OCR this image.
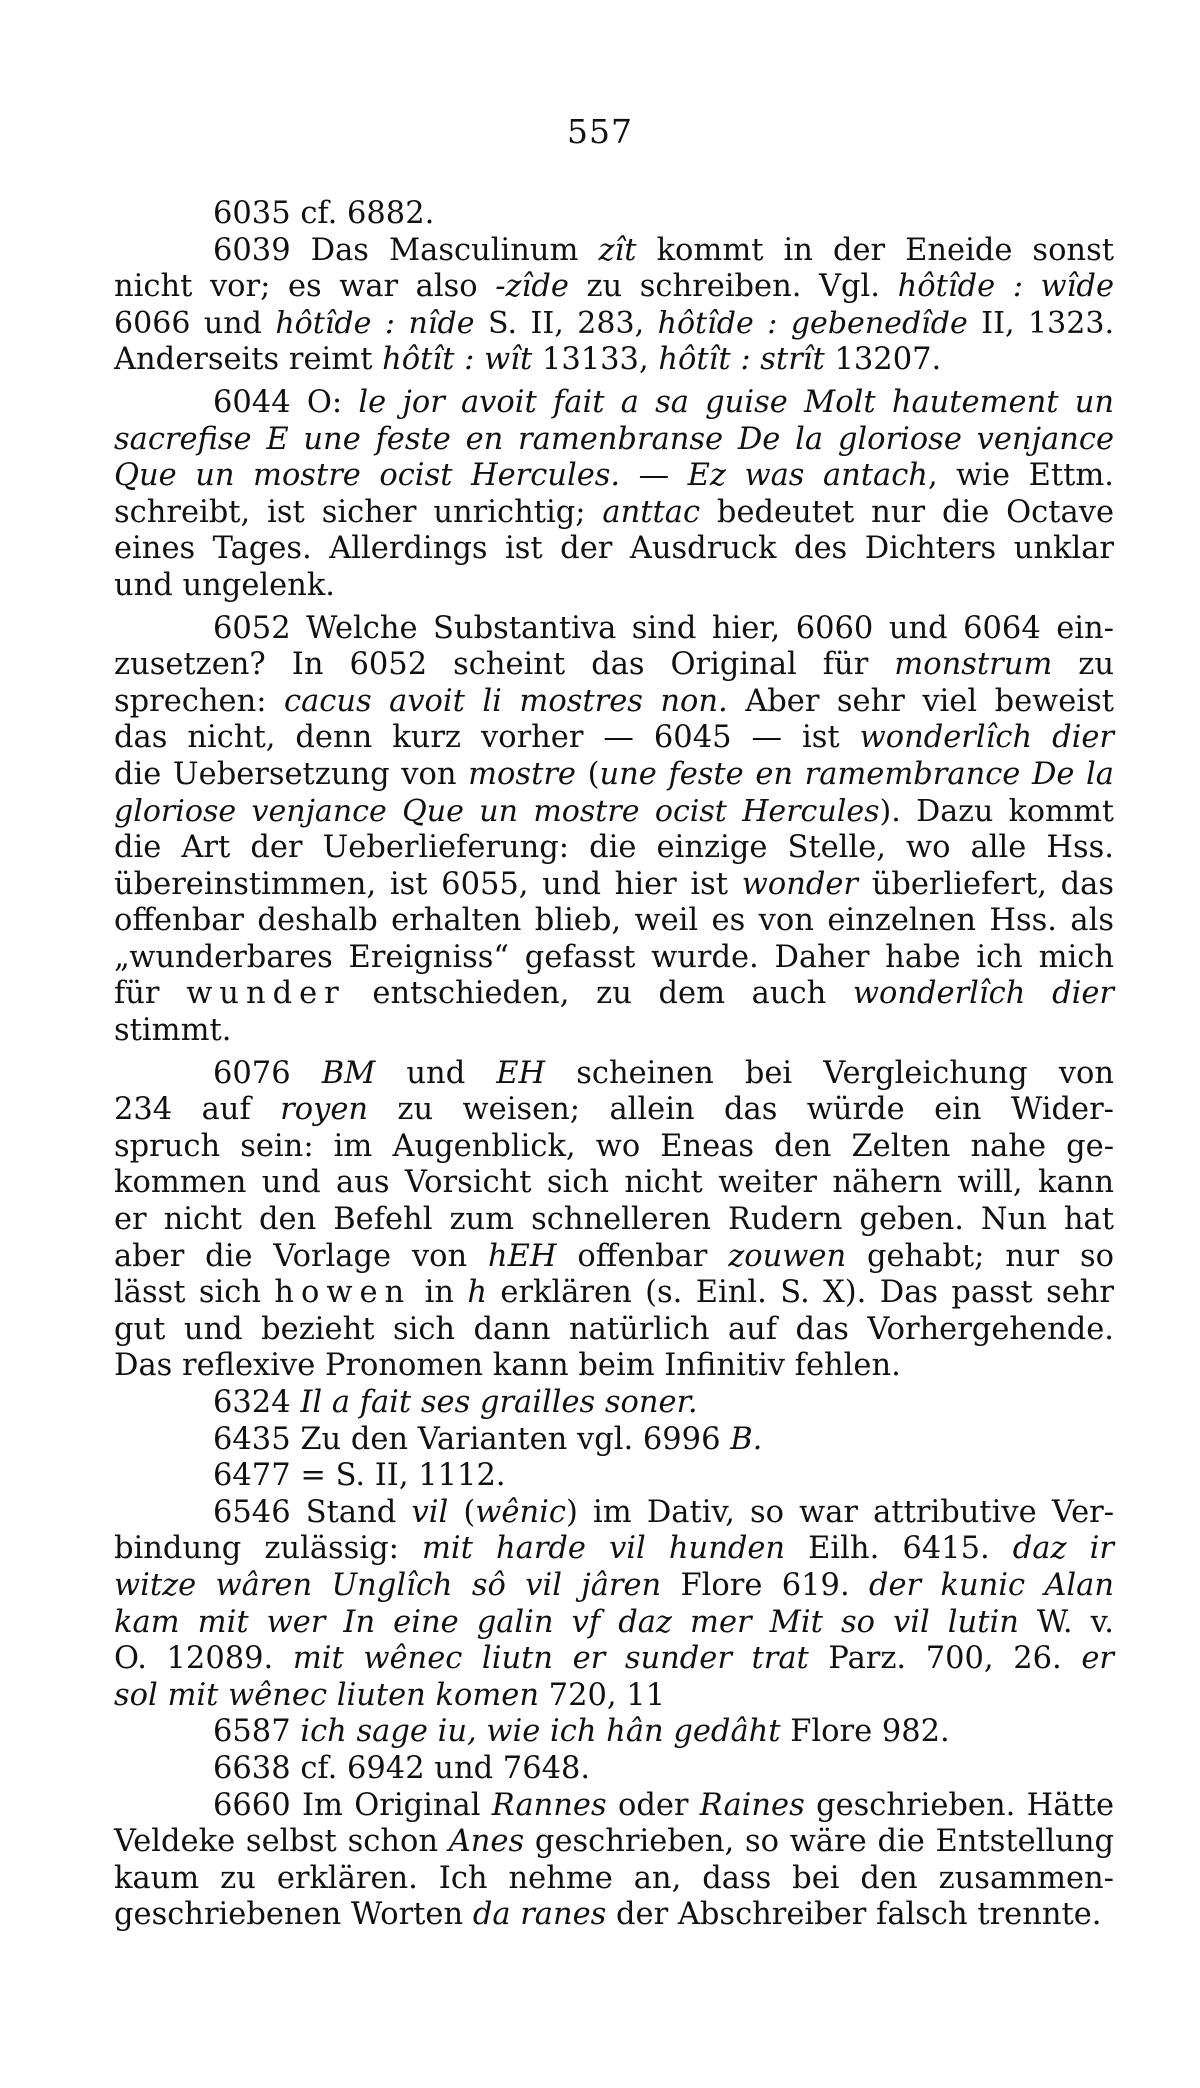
557
6035 cf. 6882.
6039 Das Masculinum zît kommt in der Eneide sonst
nicht vor; es war also -zîde zu schreiben. Vgl. hôtîde : wîde
6066 und hôtîde : nîde S. II, 283, hôtîde : gebenedîde II, 1323.
Anderseits reimt hôtît : wît 13133, hôtît : strît 13207.
6044 O: le jor avoit fait a sa guise Molt hautement un
sacrefise E une feste en ramenbranse De la gloriose venjance
Que un mostre ocist Hercules. — Ez was antach, wie Ettm.
schreibt, ist sicher unrichtig; anttac bedeutet nur die Octave
eines Tages. Allerdings ist der Ausdruck des Dichters unklar
und ungelenk.
6052 Welche Substantiva sind hier, 6060 und 6064 ein-
zusetzen? In 6052 scheint das Original für monstrum zu
sprechen: cacus avoit li mostres non. Aber sehr viel beweist
das nicht, denn kurz vorher — 6045 — ist wonderlîch dier
die Uebersetzung von mostre (une feste en ramembrance De la
gloriose venjance Que un mostre ocist Hercules). Dazu kommt
die Art der Ueberlieferung: die einzige Stelle, wo alle Hss.
übereinstimmen, ist 6055, und hier ist wonder überliefert, das
offenbar deshalb erhalten blieb, weil es von einzelnen Hss. als
„wunderbares Ereigniss“ gefasst wurde. Daher habe ich mich
für wunder entschieden, zu dem auch wonderlîch dier
stimmt.
6076 BM und EH scheinen bei Vergleichung von
234 auf royen zu weisen; allein das würde ein Wider-
spruch sein: im Augenblick, wo Eneas den Zelten nahe ge-
kommen und aus Vorsicht sich nicht weiter nähern will, kann
er nicht den Befehl zum schnelleren Rudern geben. Nun hat
aber die Vorlage von hEH offenbar zouwen gehabt; nur so
lässt sich howen in h erklären (s. Einl. S. X). Das passt sehr
gut und bezieht sich dann natürlich auf das Vorhergehende.
Das reflexive Pronomen kann beim Infinitiv fehlen.
6324 Il a fait ses grailles soner.
6435 Zu den Varianten vgl. 6996 B.
6477 = S. II, 1112.
6546 Stand vil (wênic) im Dativ, so war attributive Ver-
bindung zulässig: mit harde vil hunden Eilh. 6415. daz ir
witze wâren Unglîch sô vil jâren Flore 619. der kunic Alan
kam mit wer In eine galin vf daz mer Mit so vil lutin W. v.
O. 12089. mit wênec liutn er sunder trat Parz. 700, 26. er
sol mit wênec liuten komen 720, 11
6587 ich sage iu, wie ich hân gedâht Flore 982.
6638 cf. 6942 und 7648.
6660 Im Original Rannes oder Raines geschrieben. Hätte
Veldeke selbst schon Anes geschrieben, so wäre die Entstellung
kaum zu erklären. Ich nehme an, dass bei den zusammen-
geschriebenen Worten da ranes der Abschreiber falsch trennte.
